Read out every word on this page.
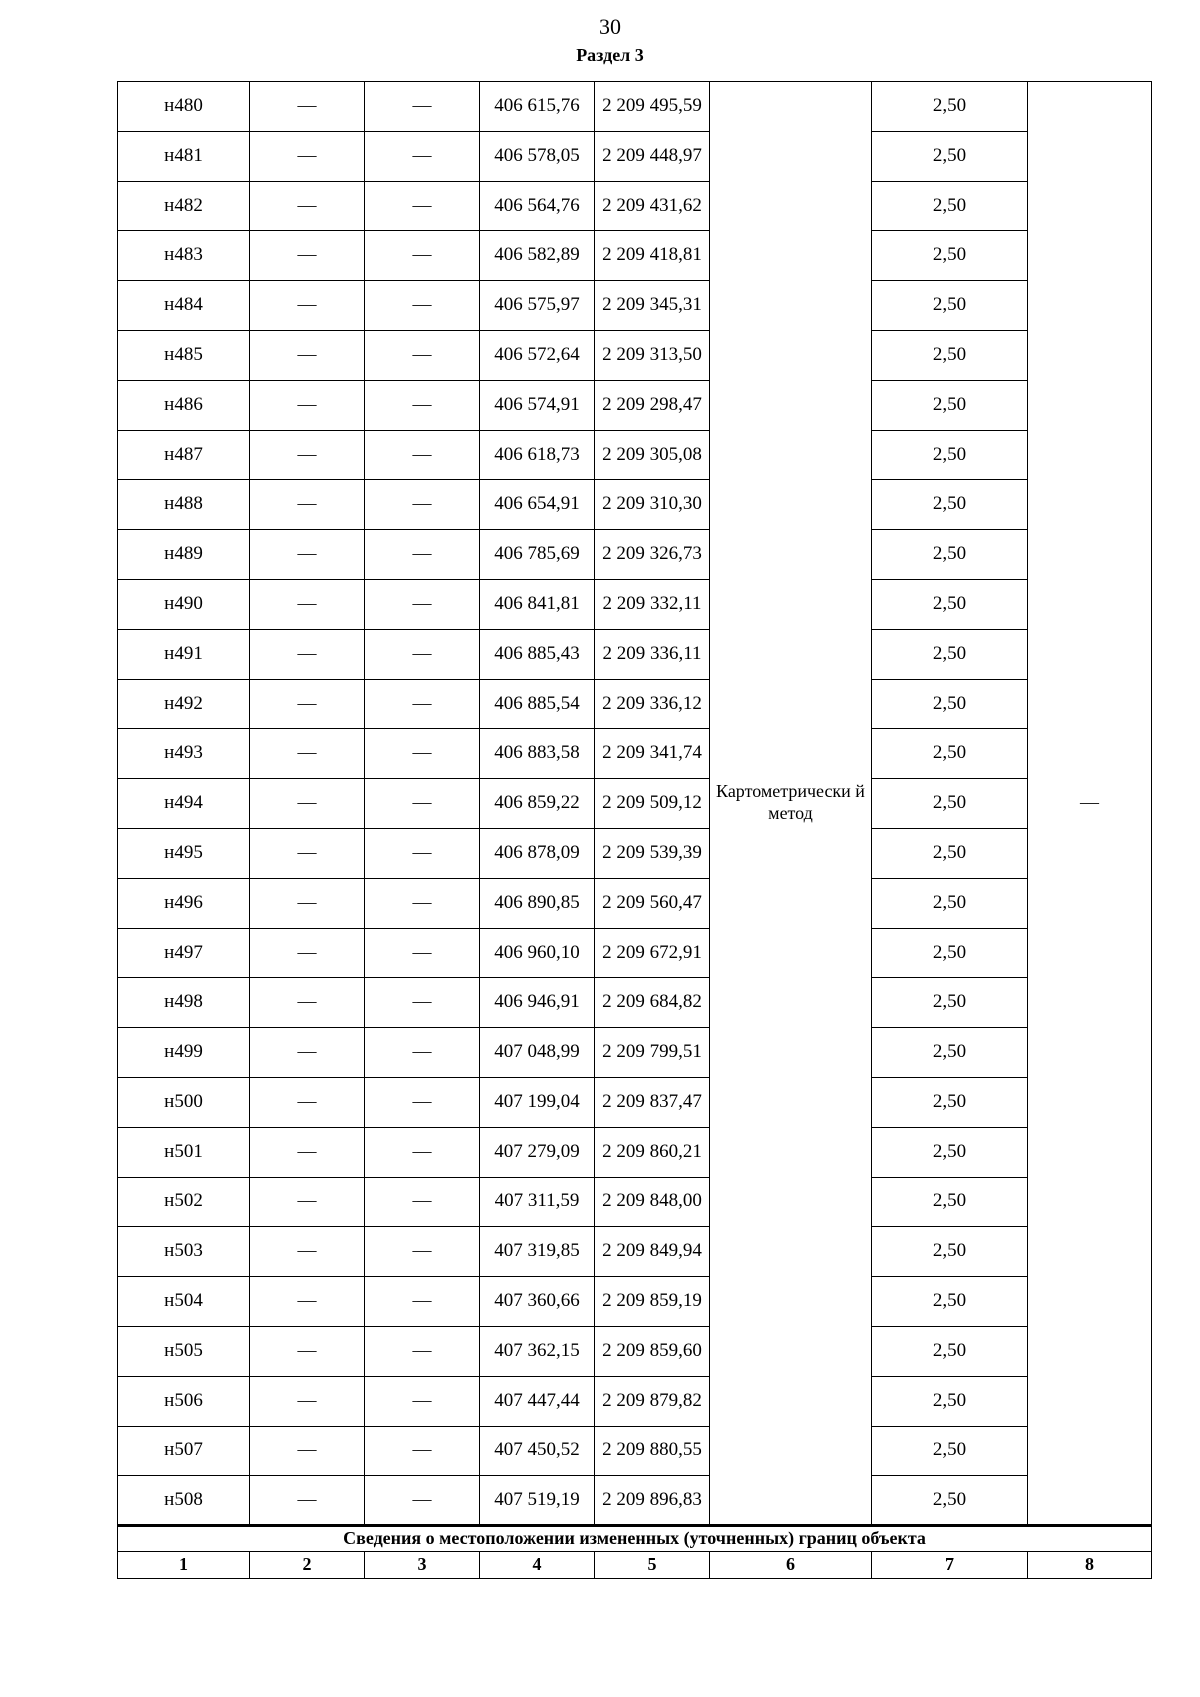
30
Раздел 3
н480	—	—	406 615,76	2 209 495,59	Картометрически й метод	2,50	—
н481	—	—	406 578,05	2 209 448,97		2,50	
н482	—	—	406 564,76	2 209 431,62		2,50	
н483	—	—	406 582,89	2 209 418,81		2,50	
н484	—	—	406 575,97	2 209 345,31		2,50	
н485	—	—	406 572,64	2 209 313,50		2,50	
н486	—	—	406 574,91	2 209 298,47		2,50	
н487	—	—	406 618,73	2 209 305,08		2,50	
н488	—	—	406 654,91	2 209 310,30		2,50	
н489	—	—	406 785,69	2 209 326,73		2,50	
н490	—	—	406 841,81	2 209 332,11		2,50	
н491	—	—	406 885,43	2 209 336,11		2,50	
н492	—	—	406 885,54	2 209 336,12		2,50	
н493	—	—	406 883,58	2 209 341,74		2,50	
н494	—	—	406 859,22	2 209 509,12		2,50	
н495	—	—	406 878,09	2 209 539,39		2,50	
н496	—	—	406 890,85	2 209 560,47		2,50	
н497	—	—	406 960,10	2 209 672,91		2,50	
н498	—	—	406 946,91	2 209 684,82		2,50	
н499	—	—	407 048,99	2 209 799,51		2,50	
н500	—	—	407 199,04	2 209 837,47		2,50	
н501	—	—	407 279,09	2 209 860,21		2,50	
н502	—	—	407 311,59	2 209 848,00		2,50	
н503	—	—	407 319,85	2 209 849,94		2,50	
н504	—	—	407 360,66	2 209 859,19		2,50	
н505	—	—	407 362,15	2 209 859,60		2,50	
н506	—	—	407 447,44	2 209 879,82		2,50	
н507	—	—	407 450,52	2 209 880,55		2,50	
н508	—	—	407 519,19	2 209 896,83		2,50	
Сведения о местоположении измененных (уточненных) границ объекта							
1	2	3	4	5	6	7	8
